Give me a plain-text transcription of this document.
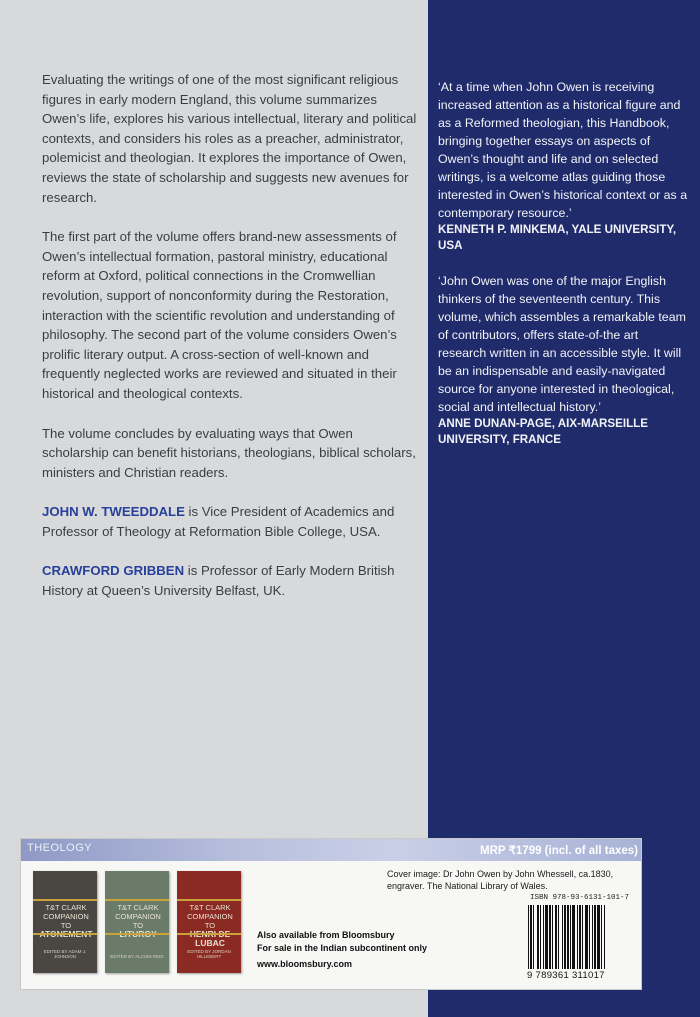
Evaluating the writings of one of the most significant religious figures in early modern England, this volume summarizes Owen’s life, explores his various intellectual, literary and political contexts, and considers his roles as a preacher, administrator, polemicist and theologian. It explores the importance of Owen, reviews the state of scholarship and suggests new avenues for research.

The first part of the volume offers brand-new assessments of Owen’s intellectual formation, pastoral ministry, educational reform at Oxford, political connections in the Cromwellian revolution, support of nonconformity during the Restoration, interaction with the scientific revolution and understanding of philosophy. The second part of the volume considers Owen’s prolific literary output. A cross-section of well-known and frequently neglected works are reviewed and situated in their historical and theological contexts.

The volume concludes by evaluating ways that Owen scholarship can benefit historians, theologians, biblical scholars, ministers and Christian readers.

JOHN W. TWEEDDALE is Vice President of Academics and Professor of Theology at Reformation Bible College, USA.

CRAWFORD GRIBBEN is Professor of Early Modern British History at Queen’s University Belfast, UK.

‘At a time when John Owen is receiving increased attention as a historical figure and as a Reformed theologian, this Handbook, bringing together essays on aspects of Owen’s thought and life and on selected writings, is a welcome atlas guiding those interested in Owen’s historical context or as a contemporary resource.’

KENNETH P. MINKEMA, YALE UNIVERSITY, USA

‘John Owen was one of the major English thinkers of the seventeenth century. This volume, which assembles a remarkable team of contributors, offers state-of-the art research written in an accessible style. It will be an indispensable and easily-navigated source for anyone interested in theological, social and intellectual history.’

ANNE DUNAN-PAGE, AIX-MARSEILLE UNIVERSITY, FRANCE

THEOLOGY	MRP ₹1799 (incl. of all taxes)
T&T CLARK COMPANION TO
EDITED BY ADAM J. JOHNSON
T&T CLARK COMPANION TO
EDITED BY ALCUIN REID
T&T CLARK COMPANION TO
LUBAC
EDITED BY JORDAN HILLEBERT
Also available from Bloomsbury
For sale in the Indian subcontinent only
www.bloomsbury.com
Cover image: Dr John Owen by John Whessell, ca.1830, engraver. The National Library of Wales.
ISBN 978-93-6131-101-7
9 789361 311017
